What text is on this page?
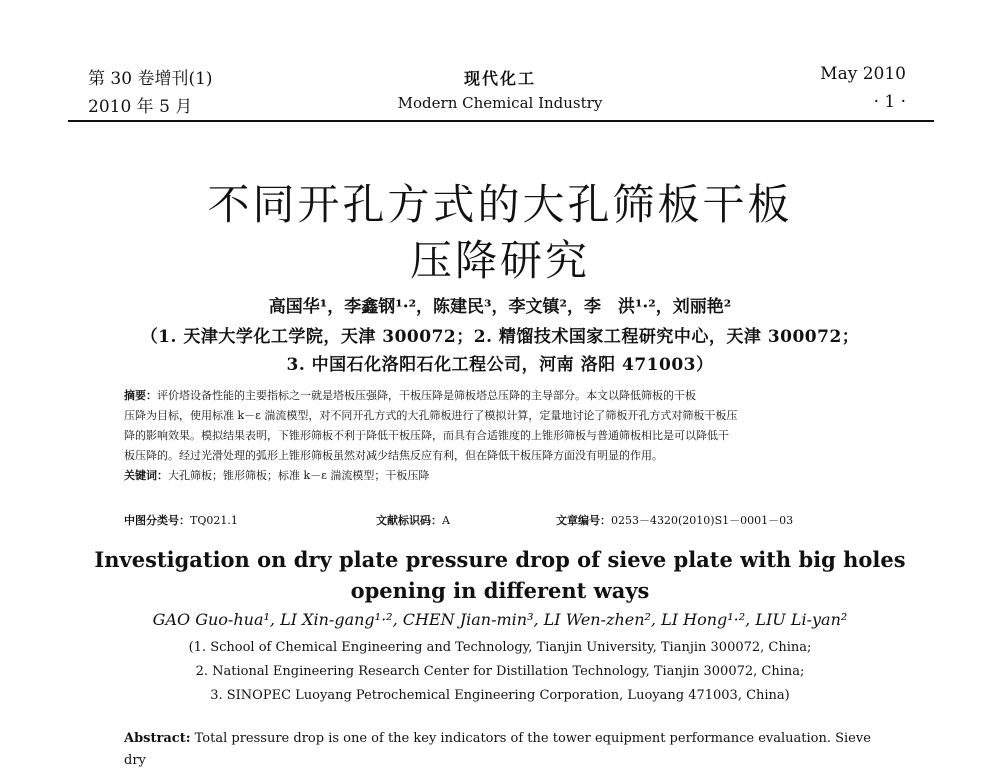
第 30 卷增刊(1)
2010 年 5 月
现代化工
Modern Chemical Industry
May 2010
· 1 ·
不同开孔方式的大孔筛板干板
压降研究
高国华¹，李鑫钢¹·²，陈建民³，李文镇²，李　洪¹·²，刘丽艳²
（1. 天津大学化工学院，天津 300072；2. 精馏技术国家工程研究中心，天津 300072；
3. 中国石化洛阳石化工程公司，河南 洛阳 471003）

摘要：评价塔设备性能的主要指标之一就是塔板压强降，干板压降是筛板塔总压降的主导部分。本文以降低筛板的干板

压降为目标，使用标准 k－ε 湍流模型，对不同开孔方式的大孔筛板进行了模拟计算，定量地讨论了筛板开孔方式对筛板干板压

降的影响效果。模拟结果表明，下锥形筛板不利于降低干板压降，而具有合适锥度的上锥形筛板与普通筛板相比是可以降低干

板压降的。经过光滑处理的弧形上锥形筛板虽然对减少结焦反应有利，但在降低干板压降方面没有明显的作用。

关键词：大孔筛板；锥形筛板；标准 k－ε 湍流模型；干板压降

中图分类号：TQ021.1	文献标识码：A	文章编号：0253－4320(2010)S1－0001－03
Investigation on dry plate pressure drop of sieve plate with big holes
opening in different ways
GAO Guo-hua¹, LI Xin-gang¹·², CHEN Jian-min³, LI Wen-zhen², LI Hong¹·², LIU Li-yan²
(1. School of Chemical Engineering and Technology, Tianjin University, Tianjin 300072, China;
2. National Engineering Research Center for Distillation Technology, Tianjin 300072, China;
3. SINOPEC Luoyang Petrochemical Engineering Corporation, Luoyang 471003, China)
Abstract: Total pressure drop is one of the key indicators of the tower equipment performance evaluation. Sieve dry
